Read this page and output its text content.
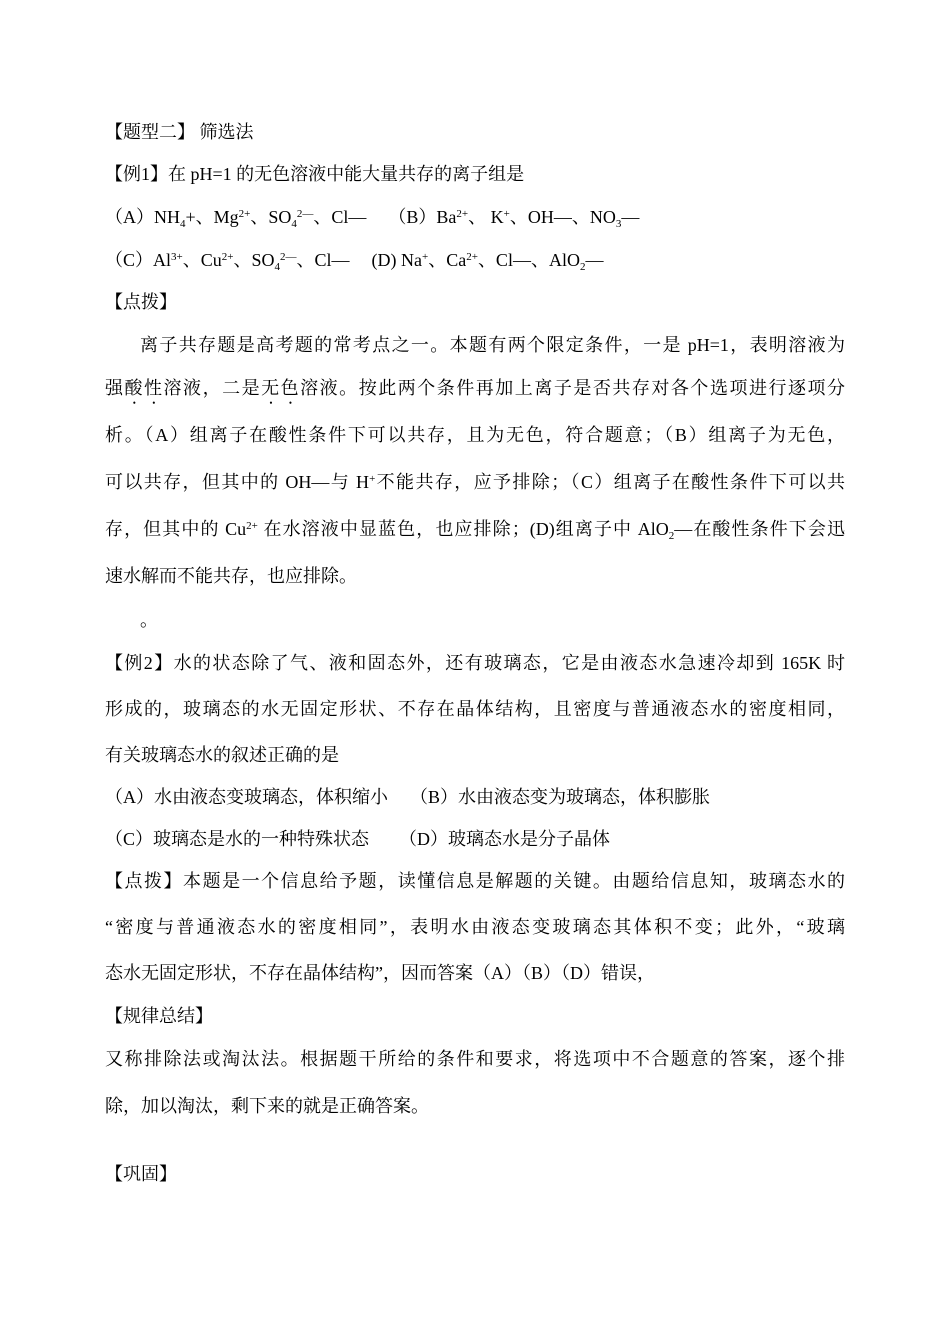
【题型二】 筛选法
【例1】在 pH=1 的无色溶液中能大量共存的离子组是
$(A)NH_4+$、$Mg^{2+}$、$SO_4^{2—}$、Cl— $(B)Ba^{2+}$、 K+、OH—、$NO_3—$
$(C)Al^{3+}$、$Cu^{2+}$、$SO_4^{2—}$、Cl— (D) Na+、$Ca^{2+}$、Cl—、AlO$_2$—
【点拨】
离子共存题是高考题的常考点之一。本题有两个限定条件，一是 pH=1，表明溶液为
强酸性溶液，二是无色溶液。按此两个条件再加上离子是否共存对各个选项进行逐项分
析。（A）组离子在酸性条件下可以共存，且为无色，符合题意；（B）组离子为无色，
可以共存，但其中的 OH—与 H+不能共存，应予排除；（C）组离子在酸性条件下可以共
存，但其中的 $Cu^{2+}$ 在水溶液中显蓝色，也应排除；(D)组离子中 AlO$_2$—在酸性条件下会迅
速水解而不能共存，也应排除。
。
【例2】水的状态除了气、液和固态外，还有玻璃态，它是由液态水急速冷却到 165K 时
形成的，玻璃态的水无固定形状、不存在晶体结构，且密度与普通液态水的密度相同，
有关玻璃态水的叙述正确的是
（A）水由液态变玻璃态，体积缩小 （B）水由液态变为玻璃态，体积膨胀
（C）玻璃态是水的一种特殊状态 （D）玻璃态水是分子晶体
【点拨】本题是一个信息给予题，读懂信息是解题的关键。由题给信息知，玻璃态水的
“密度与普通液态水的密度相同”，表明水由液态变玻璃态其体积不变；此外，“玻璃
态水无固定形状，不存在晶体结构”，因而答案（A）（B）（D）错误，
【规律总结】
又称排除法或淘汰法。根据题干所给的条件和要求，将选项中不合题意的答案，逐个排
除，加以淘汰，剩下来的就是正确答案。
【巩固】
